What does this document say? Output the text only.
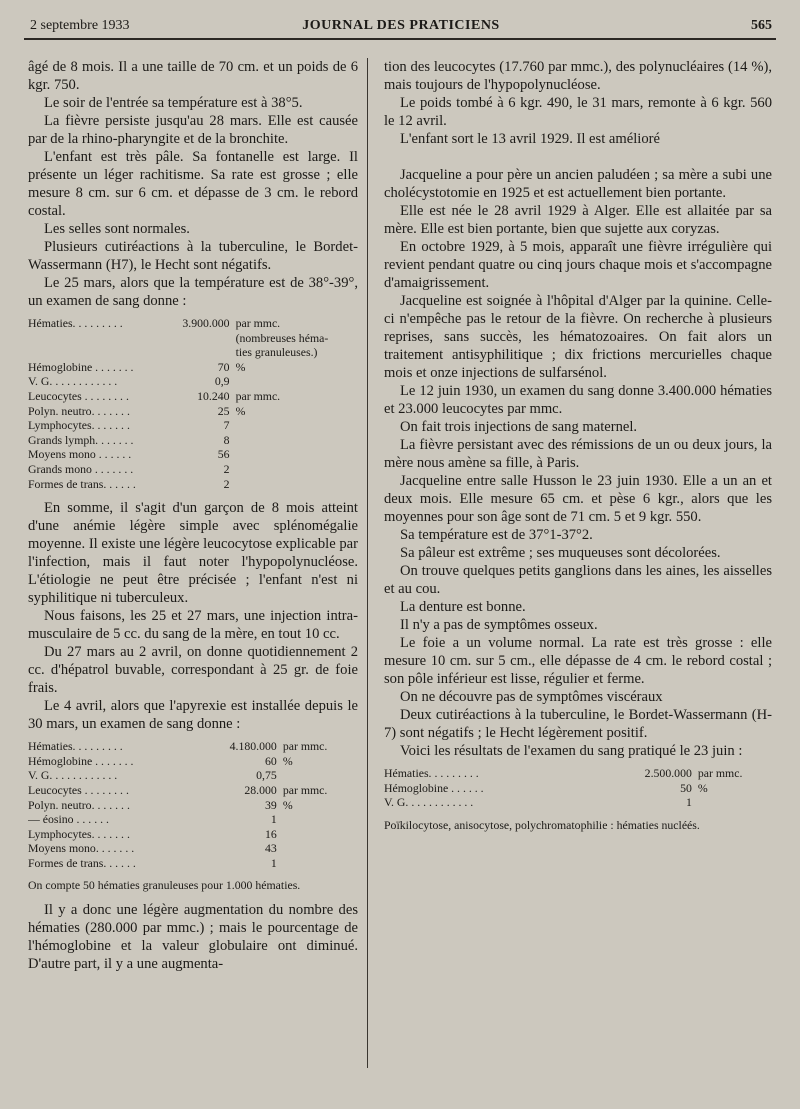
2 septembre 1933	JOURNAL DES PRATICIENS	565

âgé de 8 mois. Il a une taille de 70 cm. et un poids de 6 kgr. 750.

Le soir de l'entrée sa température est à 38°5.

La fièvre persiste jusqu'au 28 mars. Elle est causée par de la rhino-pharyngite et de la bronchite.

L'enfant est très pâle. Sa fontanelle est large. Il présente un léger rachitisme. Sa rate est grosse ; elle mesure 8 cm. sur 6 cm. et dépasse de 3 cm. le rebord costal.

Les selles sont normales.

Plusieurs cutiréactions à la tuberculine, le Bordet-Wassermann (H7), le Hecht sont négatifs.

Le 25 mars, alors que la température est de 38°-39°, un examen de sang donne :

Hématies. . . . . . . . .	3.900.000	par mmc.
		(nombreuses héma-
		ties granuleuses.)
Hémoglobine . . . . . . .	70	%
V. G. . . . . . . . . . . .	0,9	
Leucocytes . . . . . . . .	10.240	par mmc.
Polyn. neutro. . . . . . .	25	%
Lymphocytes. . . . . . .	7	
Grands lymph. . . . . . .	8	
Moyens mono . . . . . .	56	
Grands mono . . . . . . .	2	
Formes de trans. . . . . .	2	

En somme, il s'agit d'un garçon de 8 mois atteint d'une anémie légère simple avec splénomégalie moyenne. Il existe une légère leucocytose explicable par l'infection, mais il faut noter l'hypopolynucléose. L'étiologie ne peut être précisée ; l'enfant n'est ni syphilitique ni tuberculeux.

Nous faisons, les 25 et 27 mars, une injection intra-musculaire de 5 cc. du sang de la mère, en tout 10 cc.

Du 27 mars au 2 avril, on donne quotidiennement 2 cc. d'hépatrol buvable, correspondant à 25 gr. de foie frais.

Le 4 avril, alors que l'apyrexie est installée depuis le 30 mars, un examen de sang donne :

Hématies. . . . . . . . .	4.180.000	par mmc.
Hémoglobine . . . . . . .	60	%
V. G. . . . . . . . . . . .	0,75	
Leucocytes . . . . . . . .	28.000	par mmc.
Polyn. neutro. . . . . . .	39	%
— éosino . . . . . .	1	
Lymphocytes. . . . . . .	16	
Moyens mono. . . . . . .	43	
Formes de trans. . . . . .	1	

On compte 50 hématies granuleuses pour 1.000 hématies.

Il y a donc une légère augmentation du nombre des hématies (280.000 par mmc.) ; mais le pourcentage de l'hémoglobine et la valeur globulaire ont diminué. D'autre part, il y a une augmenta-

tion des leucocytes (17.760 par mmc.), des polynucléaires (14 %), mais toujours de l'hypopolynucléose.

Le poids tombé à 6 kgr. 490, le 31 mars, remonte à 6 kgr. 560 le 12 avril.

L'enfant sort le 13 avril 1929. Il est amélioré

Jacqueline a pour père un ancien paludéen ; sa mère a subi une cholécystotomie en 1925 et est actuellement bien portante.

Elle est née le 28 avril 1929 à Alger. Elle est allaitée par sa mère. Elle est bien portante, bien que sujette aux coryzas.

En octobre 1929, à 5 mois, apparaît une fièvre irrégulière qui revient pendant quatre ou cinq jours chaque mois et s'accompagne d'amaigrissement.

Jacqueline est soignée à l'hôpital d'Alger par la quinine. Celle-ci n'empêche pas le retour de la fièvre. On recherche à plusieurs reprises, sans succès, les hématozoaires. On fait alors un traitement antisyphilitique ; dix frictions mercurielles chaque mois et onze injections de sulfarsénol.

Le 12 juin 1930, un examen du sang donne 3.400.000 hématies et 23.000 leucocytes par mmc.

On fait trois injections de sang maternel.

La fièvre persistant avec des rémissions de un ou deux jours, la mère nous amène sa fille, à Paris.

Jacqueline entre salle Husson le 23 juin 1930. Elle a un an et deux mois. Elle mesure 65 cm. et pèse 6 kgr., alors que les moyennes pour son âge sont de 71 cm. 5 et 9 kgr. 550.

Sa température est de 37°1-37°2.

Sa pâleur est extrême ; ses muqueuses sont décolorées.

On trouve quelques petits ganglions dans les aines, les aisselles et au cou.

La denture est bonne.

Il n'y a pas de symptômes osseux.

Le foie a un volume normal. La rate est très grosse : elle mesure 10 cm. sur 5 cm., elle dépasse de 4 cm. le rebord costal ; son pôle inférieur est lisse, régulier et ferme.

On ne découvre pas de symptômes viscéraux

Deux cutiréactions à la tuberculine, le Bordet-Wassermann (H-7) sont négatifs ; le Hecht légèrement positif.

Voici les résultats de l'examen du sang pratiqué le 23 juin :

Hématies. . . . . . . . .	2.500.000	par mmc.
Hémoglobine . . . . . .	50	%
V. G. . . . . . . . . . . .	1	

Poïkilocytose, anisocytose, polychromatophilie : hématies nucléés.
